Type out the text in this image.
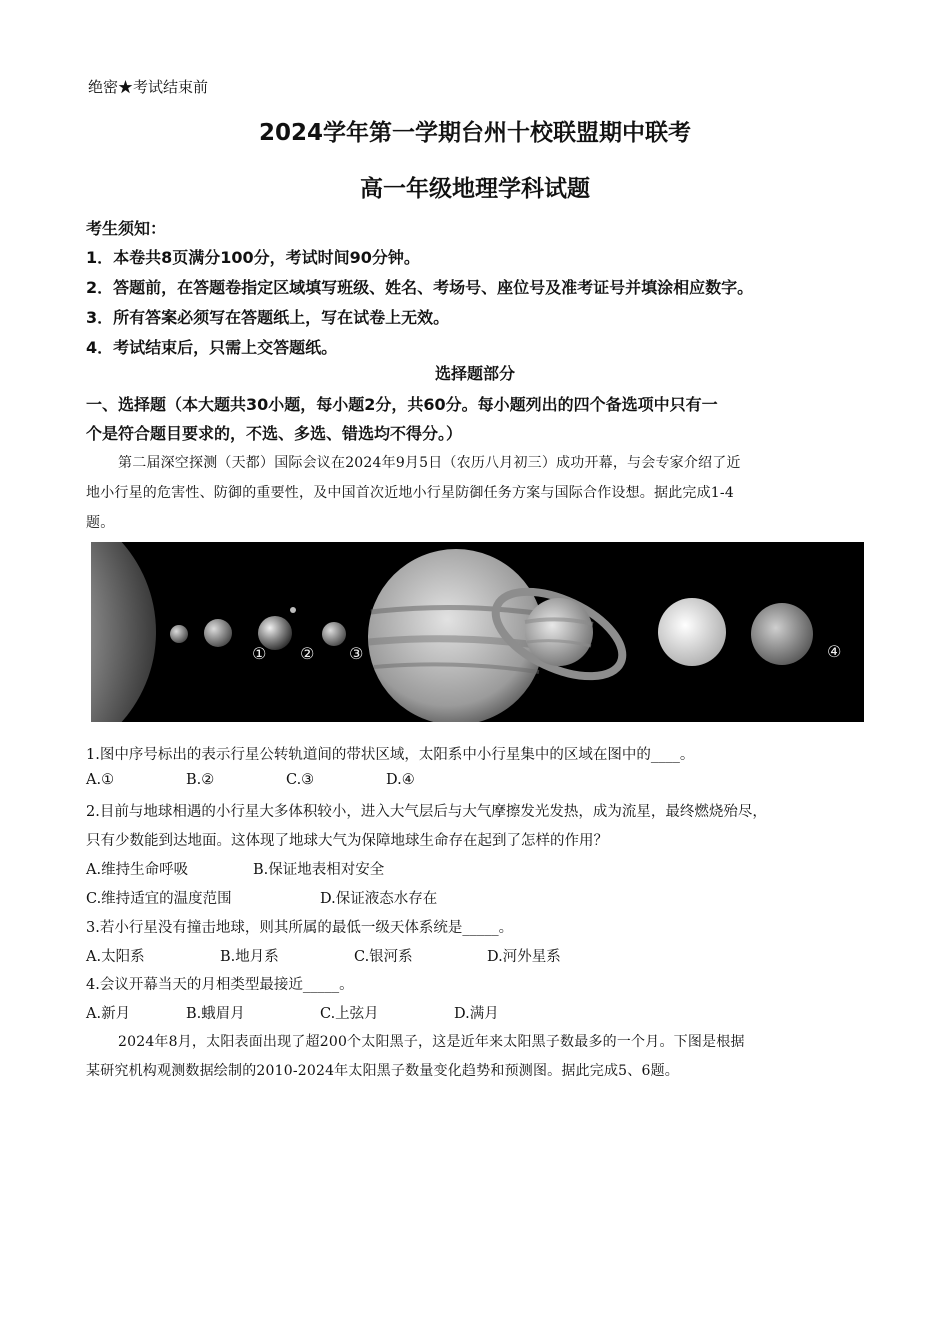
绝密★考试结束前
2024学年第一学期台州十校联盟期中联考
高一年级地理学科试题
考生须知：
1．本卷共8页满分100分，考试时间90分钟。
2．答题前，在答题卷指定区域填写班级、姓名、考场号、座位号及准考证号并填涂相应数字。
3．所有答案必须写在答题纸上，写在试卷上无效。
4．考试结束后，只需上交答题纸。
选择题部分
一、选择题（本大题共30小题，每小题2分，共60分。每小题列出的四个备选项中只有一
个是符合题目要求的，不选、多选、错选均不得分。）
第二届深空探测（天都）国际会议在2024年9月5日（农历八月初三）成功开幕，与会专家介绍了近
地小行星的危害性、防御的重要性，及中国首次近地小行星防御任务方案与国际合作设想。据此完成1-4
题。
① ② ③	④
1.图中序号标出的表示行星公转轨道间的带状区域，太阳系中小行星集中的区域在图中的____。
A.①	B.②	C.③	D.④
2.目前与地球相遇的小行星大多体积较小，进入大气层后与大气摩擦发光发热，成为流星，最终燃烧殆尽，
只有少数能到达地面。这体现了地球大气为保障地球生命存在起到了怎样的作用？
A.维持生命呼吸	B.保证地表相对安全
C.维持适宜的温度范围	D.保证液态水存在
3.若小行星没有撞击地球，则其所属的最低一级天体系统是_____。
A.太阳系	B.地月系	C.银河系	D.河外星系
4.会议开幕当天的月相类型最接近_____。
A.新月	B.蛾眉月	C.上弦月	D.满月
2024年8月，太阳表面出现了超200个太阳黑子，这是近年来太阳黑子数最多的一个月。下图是根据
某研究机构观测数据绘制的2010-2024年太阳黑子数量变化趋势和预测图。据此完成5、6题。
